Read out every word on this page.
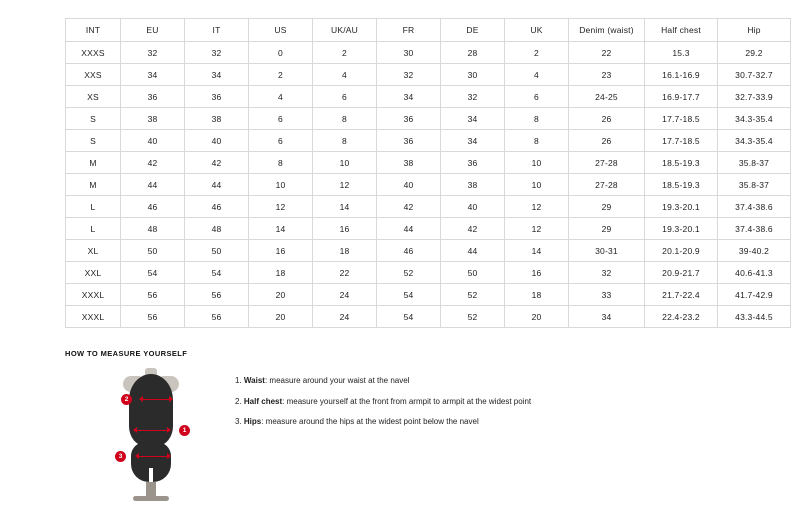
INT	EU	IT	US	UK/AU	FR	DE	UK	Denim (waist)	Half chest	Hip
XXXS	32	32	0	2	30	28	2	22	15.3	29.2
XXS	34	34	2	4	32	30	4	23	16.1-16.9	30.7-32.7
XS	36	36	4	6	34	32	6	24-25	16.9-17.7	32.7-33.9
S	38	38	6	8	36	34	8	26	17.7-18.5	34.3-35.4
S	40	40	6	8	36	34	8	26	17.7-18.5	34.3-35.4
M	42	42	8	10	38	36	10	27-28	18.5-19.3	35.8-37
M	44	44	10	12	40	38	10	27-28	18.5-19.3	35.8-37
L	46	46	12	14	42	40	12	29	19.3-20.1	37.4-38.6
L	48	48	14	16	44	42	12	29	19.3-20.1	37.4-38.6
XL	50	50	16	18	46	44	14	30-31	20.1-20.9	39-40.2
XXL	54	54	18	22	52	50	16	32	20.9-21.7	40.6-41.3
XXXL	56	56	20	24	54	52	18	33	21.7-22.4	41.7-42.9
XXXL	56	56	20	24	54	52	20	34	22.4-23.2	43.3-44.5
HOW TO MEASURE YOURSELF
2
1
3
1. Waist: measure around your waist at the navel
2. Half chest: measure yourself at the front from armpit to armpit at the widest point
3. Hips: measure around the hips at the widest point below the navel
